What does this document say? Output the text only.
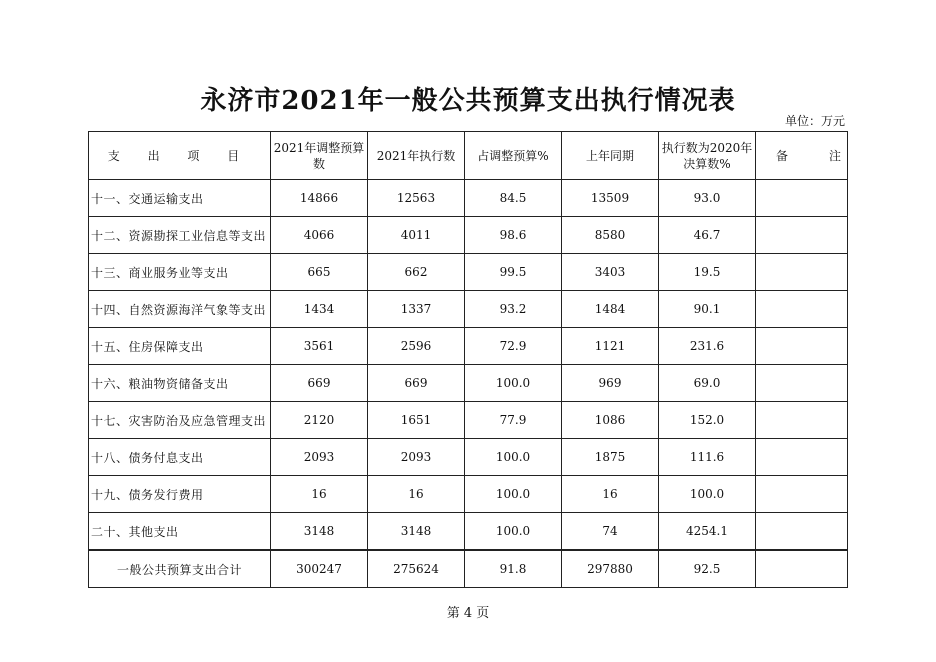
永济市2021年一般公共预算支出执行情况表
单位：万元
支 出 项 目	2021年调整预算数	2021年执行数	占调整预算%	上年同期	执行数为2020年决算数%	备 注

十一、交通运输支出	14866	12563	84.5	13509	93.0	
十二、资源勘探工业信息等支出	4066	4011	98.6	8580	46.7	
十三、商业服务业等支出	665	662	99.5	3403	19.5	
十四、自然资源海洋气象等支出	1434	1337	93.2	1484	90.1	
十五、住房保障支出	3561	2596	72.9	1121	231.6	
十六、粮油物资储备支出	669	669	100.0	969	69.0	
十七、灾害防治及应急管理支出	2120	1651	77.9	1086	152.0	
十八、债务付息支出	2093	2093	100.0	1875	111.6	
十九、债务发行费用	16	16	100.0	16	100.0	
二十、其他支出	3148	3148	100.0	74	4254.1	
一般公共预算支出合计	300247	275624	91.8	297880	92.5	
第 4 页
